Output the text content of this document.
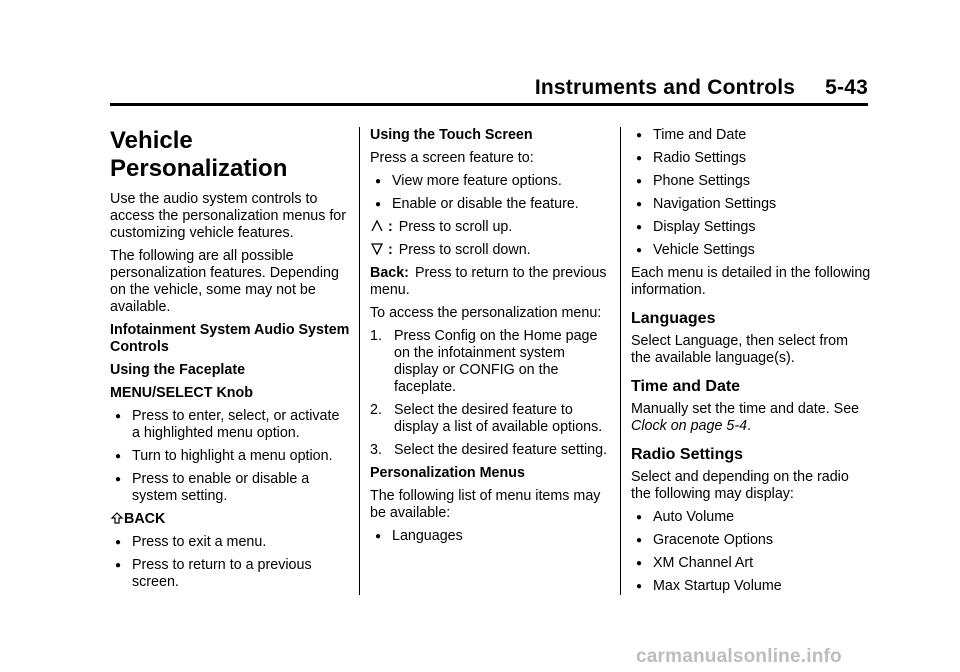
Instruments and Controls 5-43
Vehicle
Personalization

Use the audio system controls to access the personalization menus for customizing vehicle features.

The following are all possible personalization features. Depending on the vehicle, some may not be available.

Infotainment System Audio System Controls

Using the Faceplate

MENU/SELECT Knob

● Press to enter, select, or activate a highlighted menu option.
● Turn to highlight a menu option.
● Press to enable or disable a system setting.

BACK

● Press to exit a menu.
● Press to return to a previous screen.

Using the Touch Screen

Press a screen feature to:

● View more feature options.
● Enable or disable the feature.

: Press to scroll up.

: Press to scroll down.

Back: Press to return to the previous menu.

To access the personalization menu:

1. Press Config on the Home page on the infotainment system display or CONFIG on the faceplate.
2. Select the desired feature to display a list of available options.
3. Select the desired feature setting.

Personalization Menus

The following list of menu items may be available:

● Languages
● Time and Date
● Radio Settings
● Phone Settings
● Navigation Settings
● Display Settings
● Vehicle Settings

Each menu is detailed in the following information.

Languages

Select Language, then select from the available language(s).

Time and Date

Manually set the time and date. See
Clock on page 5-4.

Radio Settings

Select and depending on the radio the following may display:

● Auto Volume
● Gracenote Options
● XM Channel Art
● Max Startup Volume
carmanualsonline.info
